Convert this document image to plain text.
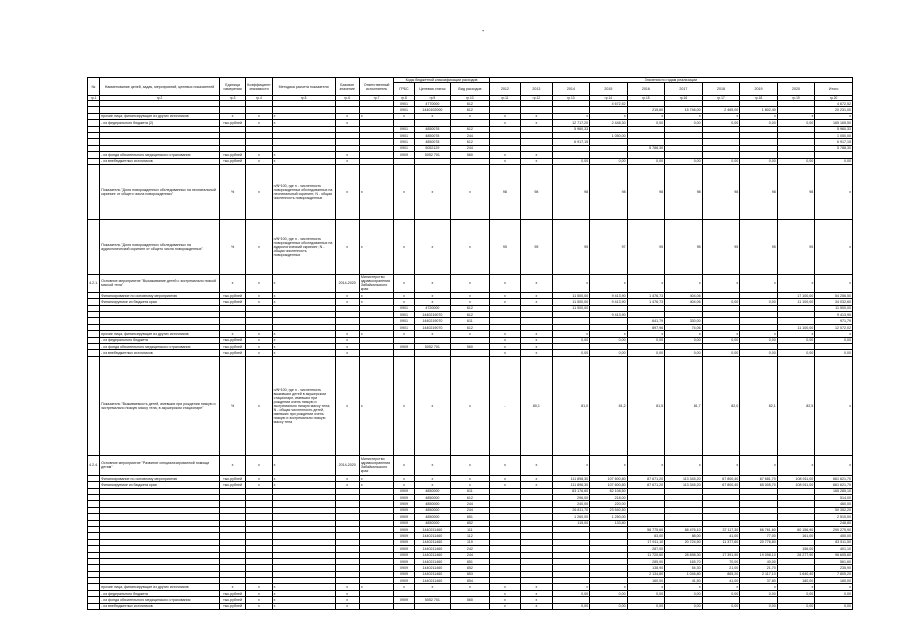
-
№	Наименование целей, задач, мероприятий, целевых показателей	Единица измерения	Коэффициент значимости	Методика расчета показателя	Базовое значение	Ответственный исполнитель	Коды бюджетной классификации расходов			Значения по годам реализации									
							ГРБС	Целевая статья	Вид расходов	2012	2013	2014	2015	2016	2017	2018	2019	2020	Итого
гр.1	гр.2	гр.3	гр.4	гр.5	гр.6	гр.7	гр.8	гр.9	гр.10	гр.11	гр.12	гр.13	гр.14	гр.15	гр.16	гр.17	гр.18	гр.19	гр.20
							0901	4770000	612				4 672,52						4 672,52
							0901	1440102000	612					215,60	15 746,00	2 465,00	1 802,40		20 231,00
	прочие лица, финансирующие из других источников	x	x	x	x	x	x	x	x	x	x	x	x	x	x	x	x	x	x
	- из федерального бюджета (2)	тыс.рублей	x	x	x					x	x	12 717,20	2 448,30	0,00	0,00	0,00	0,00	0,00	165 165,50
							0901	4850078	612			5 960,33							5 960,33
							0901	4850078	244				1 050,00						1 050,00
							0901	4850078	612			6 917,15							6 917,15
							0901	5052129	244					5 788,30					5 788,30
	- из фонда обязательного медицинского страхования	тыс.рублей	x	x	x		0909	5052 701	560	x	x								
	- из внебюджетных источников	тыс.рублей	x	x	x					x	x	0,00	0,00	0,00	0,00	0,00	0,00	0,00	0,00
	Показатель "Доля новорожденных обследованных на неонатальный скрининг от общего числа новорожденных"	%	x	n/N*100, где n - численность новорожденных обследованных на неонатальный скрининг; N - общая численность новорожденных	x	x	x	x	x	98	98	98	98	98	98	98	98	98	x
	Показатель "Доля новорожденных обследованных на аудиологический скрининг от общего числа новорожденных"	%	x	n/N*100, где n - численность новорожденных обследованных на аудиологический скрининг; N - общая численность новорожденных	x	x	x	x	x	95	95	95	97	95	95	95	95	95	x
4.2.1.	Основное мероприятие "Выхаживание детей с экстремально низкой массой тела"	x	x	x	2014-2020	Министерство здравоохранения Забайкальского края	x	x	x	x	x	x	x	x	x	x	x	x	x
	Финансирование по основному мероприятию	тыс.рублей	x	x	x	x	x	x	x	x	x	11 500,00	9 413,90	1 476,73	404,06			17 100,00	54 256,50
	Финансируемое из бюджета края	тыс.рублей	x	x	x	x	x	x	x	x	x	11 500,00	9 413,90	1 476,73	404,06	0,00	0,00	11 100,00	34 032,60
							0901	4720000	612			11 500,00							11 500,00
							0901	1440219070	612				9 413,90						9 413,90
							0901	1440219070	611					641,79	330,00				971,79
							0901	1440219070	612					897,96	74,06			11 100,00	12 072,02
	прочие лица, финансирующие из других источников	x	x	x	x	x	x	x	x	x	x	x	x	x	x	x	x	x	x
	- из федерального бюджета	тыс.рублей	x	x	x					x	x	0,00	0,00	0,00	0,00	0,00	0,00	0,00	0,00
	- из фонда обязательного медицинского страхования	тыс.рублей	x	x	x		0909	5052 701	560	x	x								
	- из внебюджетных источников	тыс.рублей	x	x	x					x	x	0,00	0,00	0,00	0,00	0,00	0,00	0,00	0,00
	Показатель "Выживаемость детей, имевших при рождении низкую и экстремально низкую массу тела, в акушерском стационаре"	%	x	n/N*100, где n - численность выживших детей в акушерском стационаре, имевших при рождении очень низкую и экстремально низкую массу тела; N - общая численность детей, имевших при рождении очень низкую и экстремально низкую массу тела	x	x	x	x	x	-	80,1	81,0	81,2	81,5	81,7	82,0	82,1	82,5	x
4.2.4.	Основное мероприятие "Развитие специализированной помощи детям"	x	x	x	2014-2020	Министерство здравоохранения Забайкальского края	x	x	x	x	x	x	x	x	x	x	x	x	x
	Финансирование по основному мероприятию	тыс.рублей	x	x	x	x	x	x	x	x	x	111 898,30	107 600,80	87 671,20	113 345,20	67 800,40	67 681,70	108 911,00	661 621,70
	Финансируемое из бюджета края	тыс.рублей	x	x	x	x	x	x	x	x	x	111 898,30	107 600,80	87 671,20	113 345,20	67 800,40	65 005,70	108 911,00	661 621,70
							0909	4850000	611			83 176,60	82 108,50						165 285,10
							0909	4850000	612			296,00	218,00						514,00
							0909	4850000	244			240,00	220,00						460,00
							0909	4850000	244			26 811,70	23 540,50						50 352,20
							0909	4850000	851			1 260,00	1 250,00						2 510,00
							0909	4850000	852			115,00	133,80						248,80
							0909	1440211460	111					58 775,60	68 476,10	37 117,30	66 761,60	60 156,90	290 275,90
							0909	1440211460	112					83,00	88,00	41,00	77,00	161,00	450,00
							0909	1440211460	119					17 911,10	20 724,50	11 377,60	20 776,80		83 511,50
							0909	1440211460	242					287,00				156,00	401,10
							0909	1440211460	244					11 720,60	28 898,30	17 391,90	19 098,10	28 277,90	96 605,60
							0909	1440211460	851					285,90	165,70	70,00	40,00		561,60
							0909	1440211460	852					138,90	54,30	21,00	21,70		235,90
							0909	1440211460	853					2 134,80	1 046,80	865,20	2 117,10	1 640,40	7 805,20
							0909	1440211460	854					160,00	41,50	41,00	37,80	180,00	160,00
	прочие лица, финансирующие из других источников	x	x	x	x	x	x	x	x	x	x	x	x	x	x	x	x	x	x
	- из федерального бюджета	тыс.рублей	x	x	x					x	x	0,00	0,00	0,00	0,00	0,00	0,00	0,00	0,00
	- из фонда обязательного медицинского страхования	тыс.рублей	x	x	x		0909	5052 701	560	x	x								
	- из внебюджетных источников	тыс.рублей	x	x	x					x	x	0,00	0,00	0,00	0,00	0,00	0,00	0,00	0,00
